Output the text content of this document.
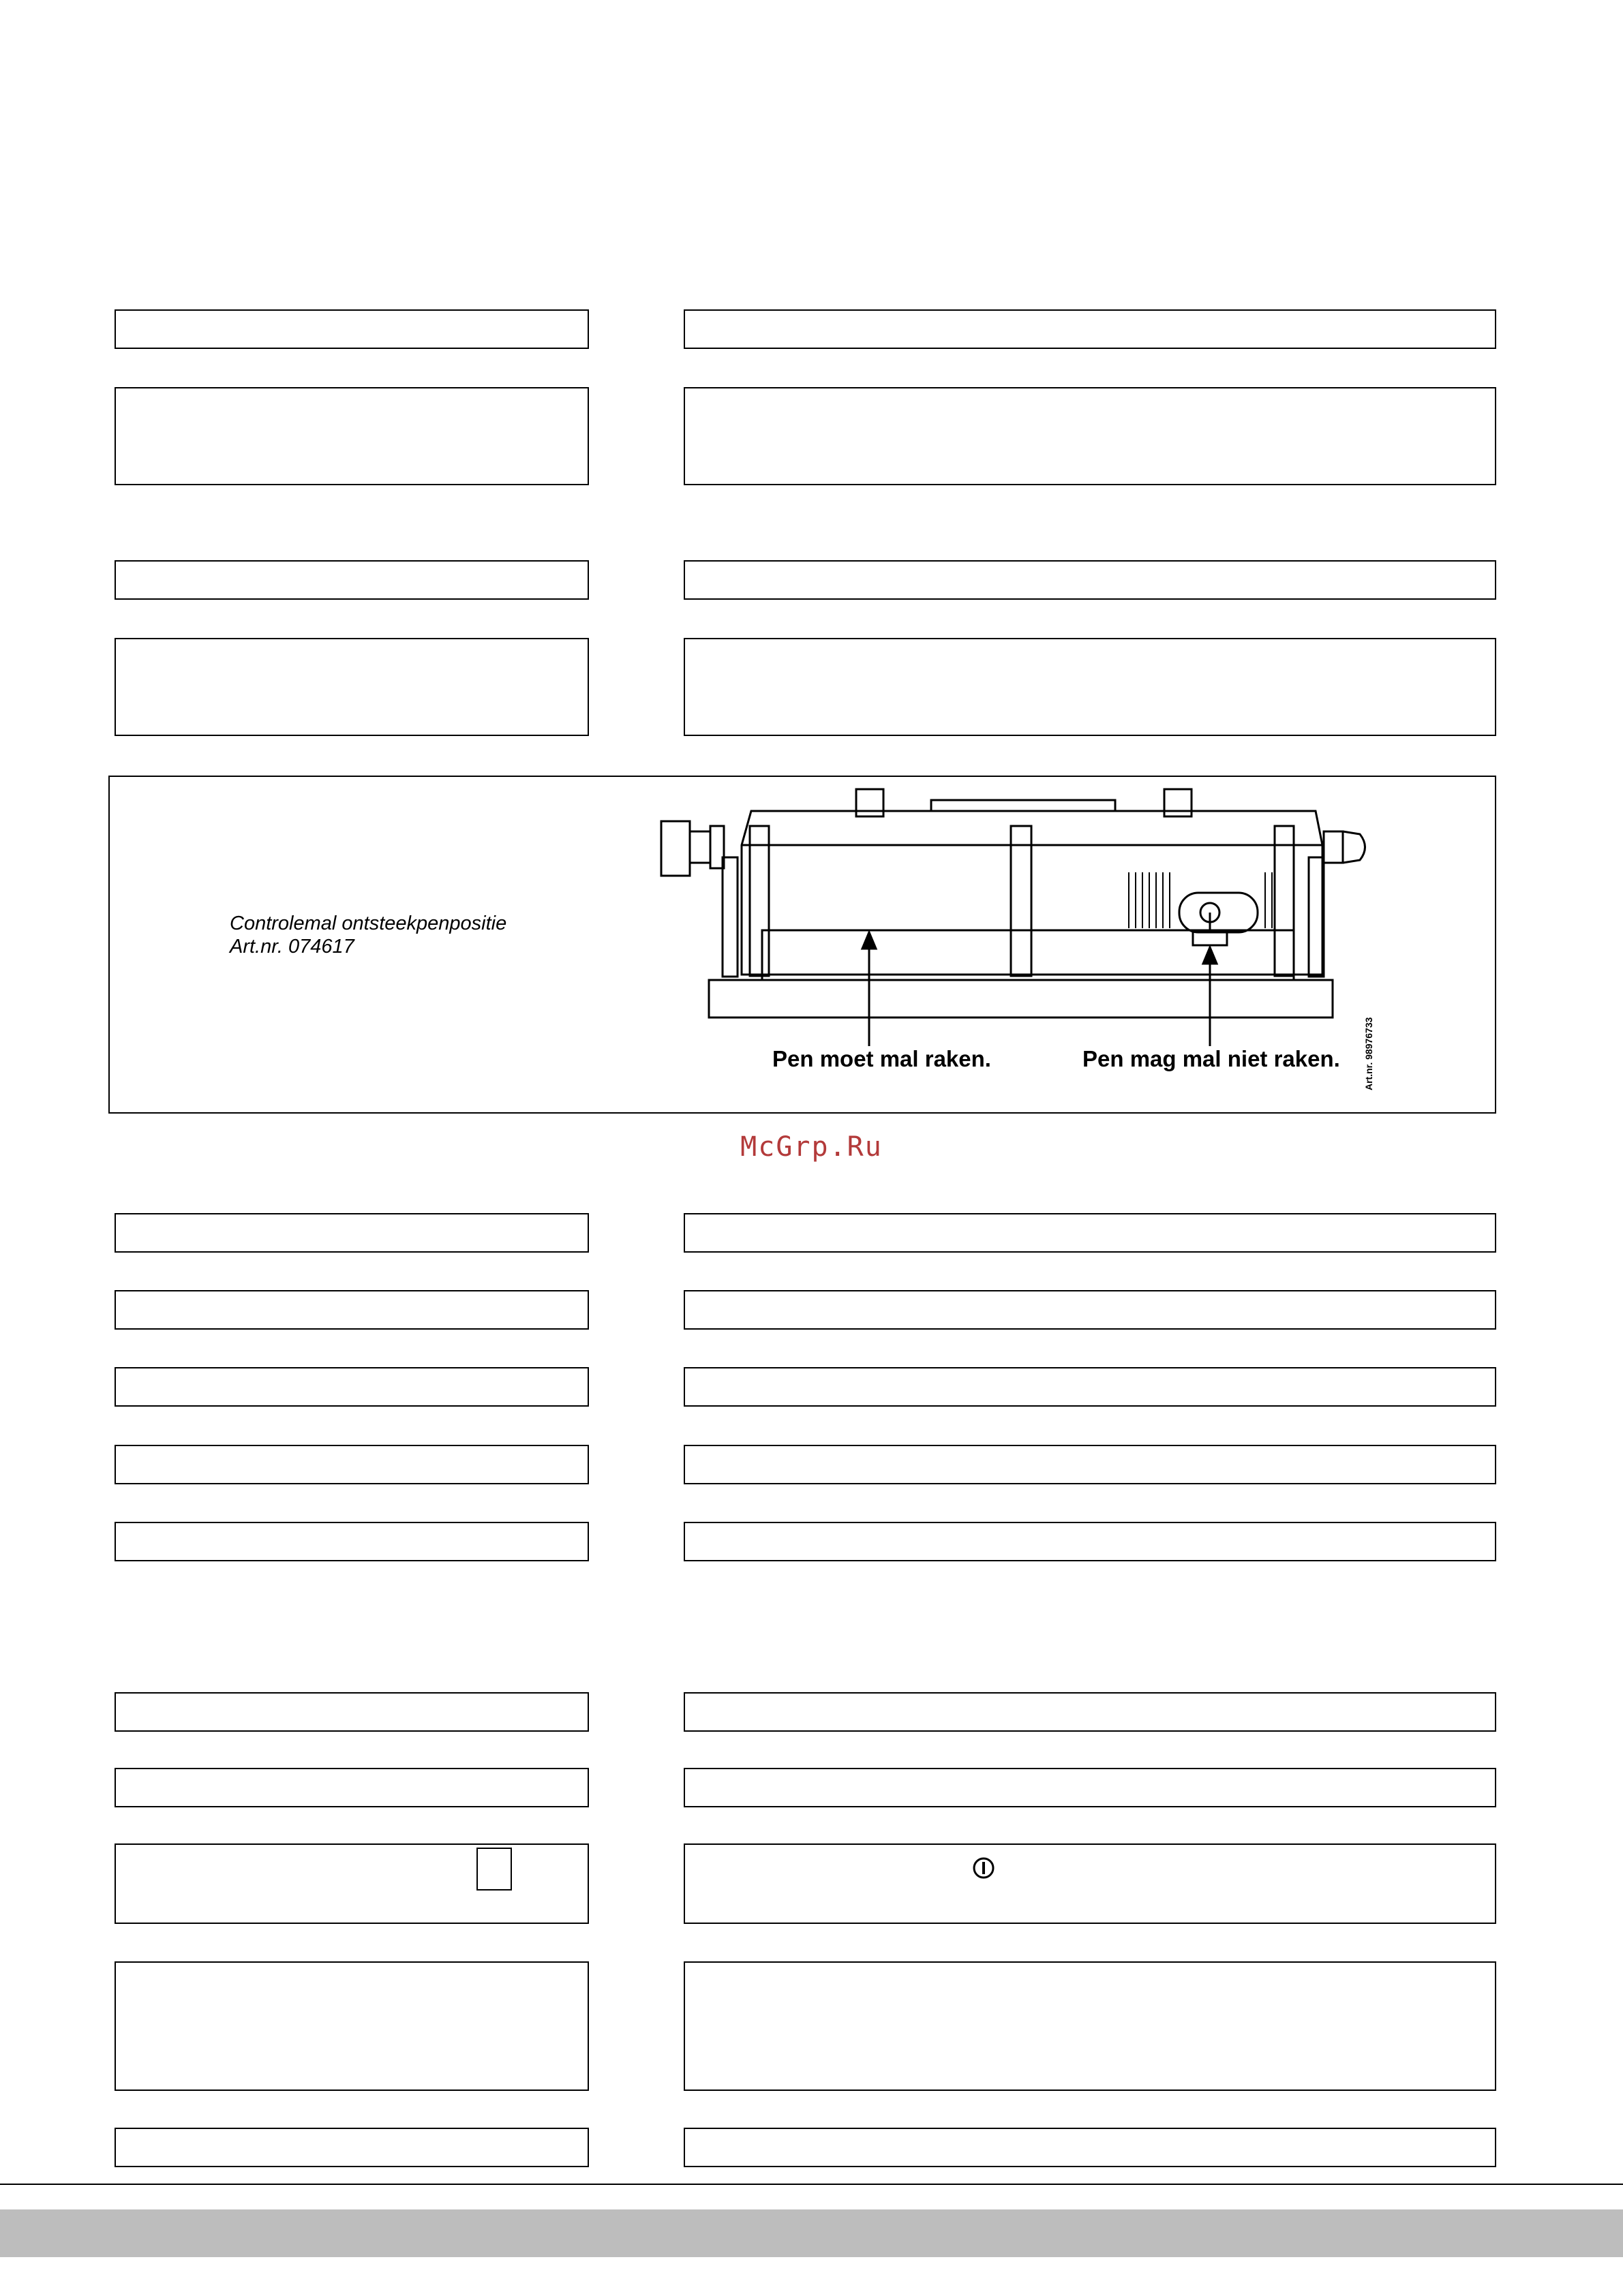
Controlemal ontsteekpenpositie
Art.nr. 074617
Pen moet mal raken.	Pen mag mal niet raken. Art.nr. 98976733
McGrp.Ru
